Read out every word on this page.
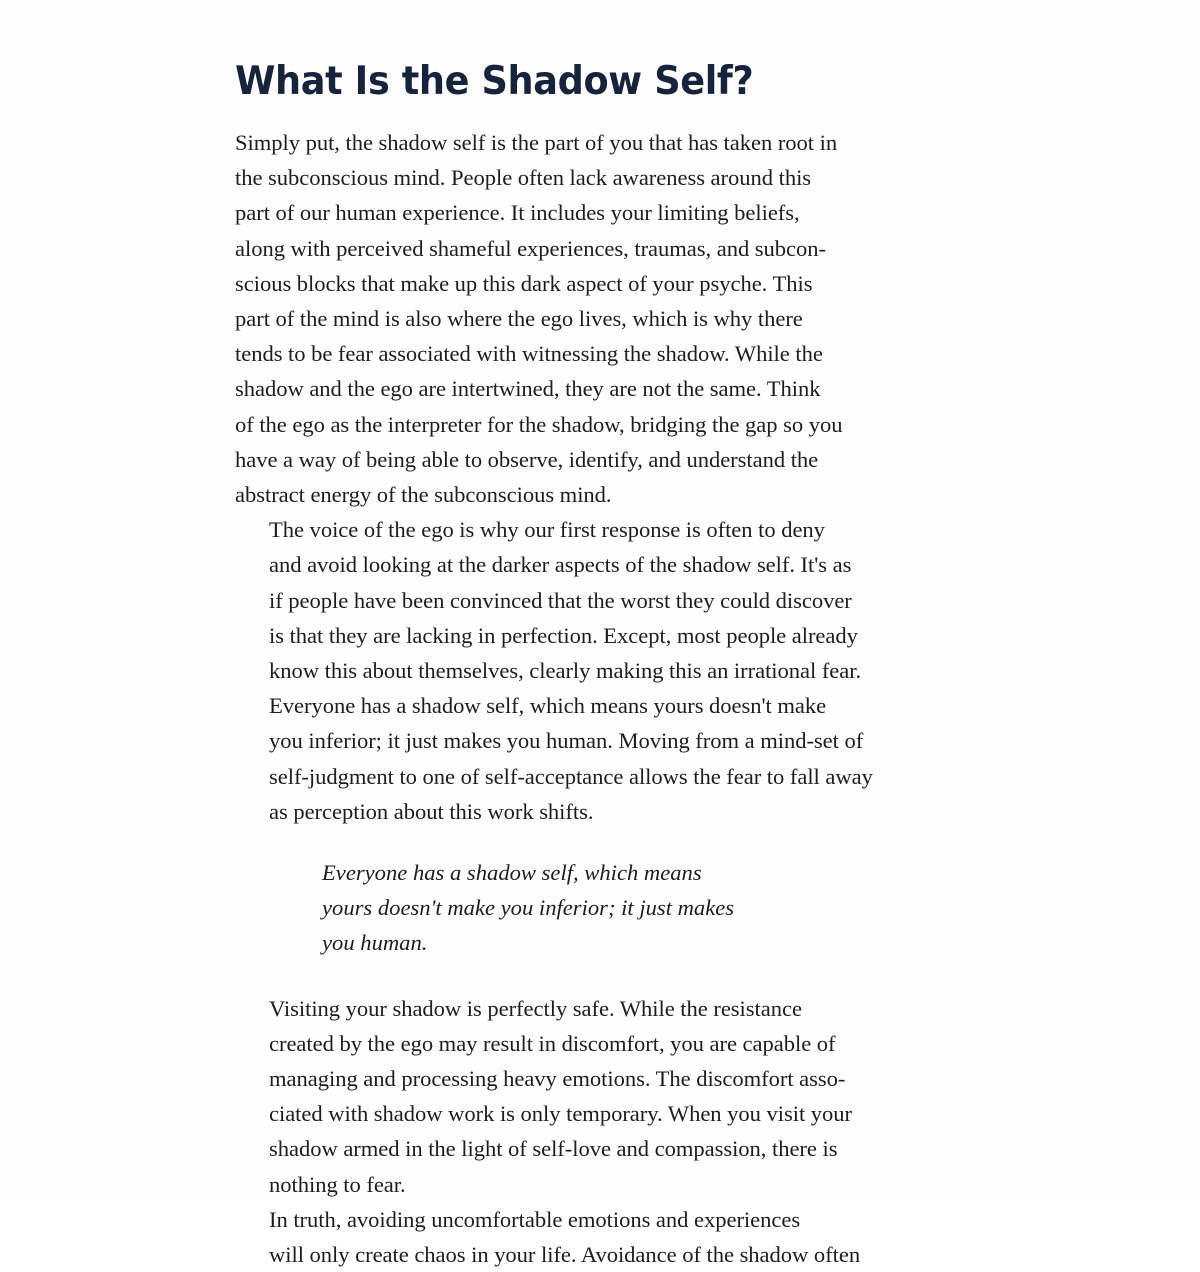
What Is the Shadow Self?

Simply put, the shadow self is the part of you that has taken root in
the subconscious mind. People often lack awareness around this
part of our human experience. It includes your limiting beliefs,
along with perceived shameful experiences, traumas, and subcon-
scious blocks that make up this dark aspect of your psyche. This
part of the mind is also where the ego lives, which is why there
tends to be fear associated with witnessing the shadow. While the
shadow and the ego are intertwined, they are not the same. Think
of the ego as the interpreter for the shadow, bridging the gap so you
have a way of being able to observe, identify, and understand the
abstract energy of the subconscious mind.

The voice of the ego is why our first response is often to deny
and avoid looking at the darker aspects of the shadow self. It's as
if people have been convinced that the worst they could discover
is that they are lacking in perfection. Except, most people already
know this about themselves, clearly making this an irrational fear.
Everyone has a shadow self, which means yours doesn't make
you inferior; it just makes you human. Moving from a mind-set of
self-judgment to one of self-acceptance allows the fear to fall away
as perception about this work shifts.

Everyone has a shadow self, which means
yours doesn't make you inferior; it just makes
you human.

Visiting your shadow is perfectly safe. While the resistance
created by the ego may result in discomfort, you are capable of
managing and processing heavy emotions. The discomfort asso-
ciated with shadow work is only temporary. When you visit your
shadow armed in the light of self-love and compassion, there is
nothing to fear.

In truth, avoiding uncomfortable emotions and experiences
will only create chaos in your life. Avoidance of the shadow often
